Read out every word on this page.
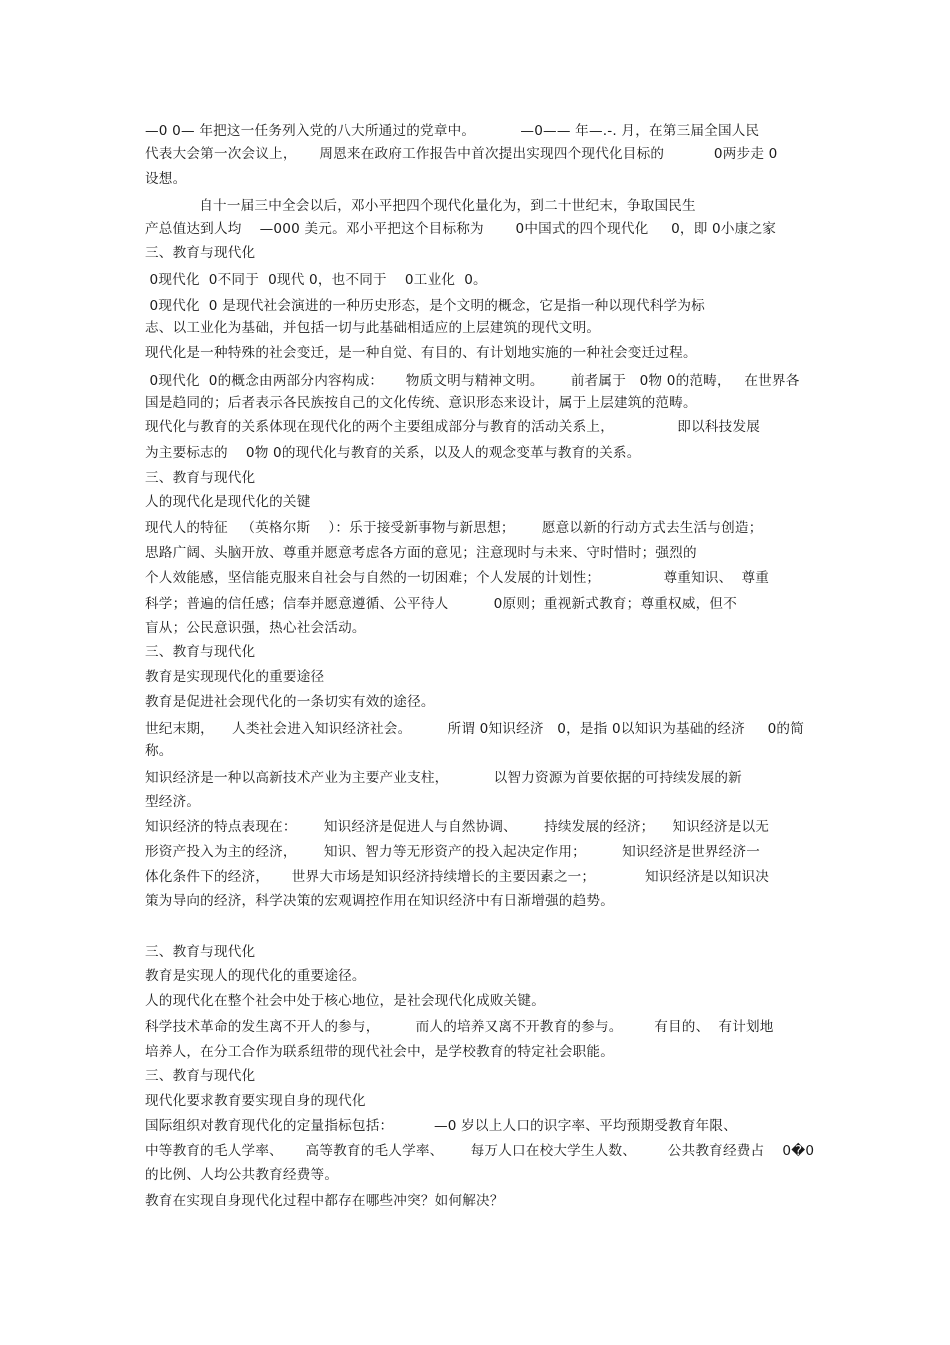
—0 0— 年把这一任务列入党的八大所通过的党章中。          —0—— 年—.-. 月，在第三届全国人民
代表大会第一次会议上，     周恩来在政府工作报告中首次提出实现四个现代化目标的           0两步走 0
设想。
自十一届三中全会以后，邓小平把四个现代化量化为，到二十世纪末，争取国民生
产总值达到人均    —000 美元。邓小平把这个目标称为       0中国式的四个现代化     0，即 0小康之家
三、教育与现代化
0现代化  0不同于  0现代 0，也不同于    0工业化  0。
0现代化  0 是现代社会演进的一种历史形态，是个文明的概念，它是指一种以现代科学为标
志、以工业化为基础，并包括一切与此基础相适应的上层建筑的现代文明。
现代化是一种特殊的社会变迁，是一种自觉、有目的、有计划地实施的一种社会变迁过程。
0现代化  0的概念由两部分内容构成：     物质文明与精神文明。      前者属于   0物 0的范畴，   在世界各
国是趋同的；后者表示各民族按自己的文化传统、意识形态来设计，属于上层建筑的范畴。
现代化与教育的关系体现在现代化的两个主要组成部分与教育的活动关系上，              即以科技发展
为主要标志的    0物 0的现代化与教育的关系，以及人的观念变革与教育的关系。
三、教育与现代化
人的现代化是现代化的关键
现代人的特征   （英格尔斯    ）：乐于接受新事物与新思想；      愿意以新的行动方式去生活与创造；
思路广阔、头脑开放、尊重并愿意考虑各方面的意见；注意现时与未来、守时惜时；强烈的
个人效能感，坚信能克服来自社会与自然的一切困难；个人发展的计划性；              尊重知识、  尊重
科学；普遍的信任感；信奉并愿意遵循、公平待人          0原则；重视新式教育；尊重权威，但不
盲从；公民意识强，热心社会活动。
三、教育与现代化
教育是实现现代化的重要途径
教育是促进社会现代化的一条切实有效的途径。
世纪末期，    人类社会进入知识经济社会。        所谓 0知识经济   0，是指 0以知识为基础的经济     0的简
称。
知识经济是一种以高新技术产业为主要产业支柱，          以智力资源为首要依据的可持续发展的新
型经济。
知识经济的特点表现在：      知识经济是促进人与自然协调、      持续发展的经济；    知识经济是以无
形资产投入为主的经济，      知识、智力等无形资产的投入起决定作用；        知识经济是世界经济一
体化条件下的经济，     世界大市场是知识经济持续增长的主要因素之一；           知识经济是以知识决
策为导向的经济，科学决策的宏观调控作用在知识经济中有日渐增强的趋势。
三、教育与现代化
教育是实现人的现代化的重要途径。
人的现代化在整个社会中处于核心地位，是社会现代化成败关键。
科学技术革命的发生离不开人的参与，        而人的培养又离不开教育的参与。       有目的、  有计划地
培养人，在分工合作为联系纽带的现代社会中，是学校教育的特定社会职能。
三、教育与现代化
现代化要求教育要实现自身的现代化
国际组织对教育现代化的定量指标包括：         —0 岁以上人口的识字率、平均预期受教育年限、
中等教育的毛人学率、     高等教育的毛人学率、      每万人口在校大学生人数、       公共教育经费占    0�0
的比例、人均公共教育经费等。
教育在实现自身现代化过程中都存在哪些冲突？如何解决？
